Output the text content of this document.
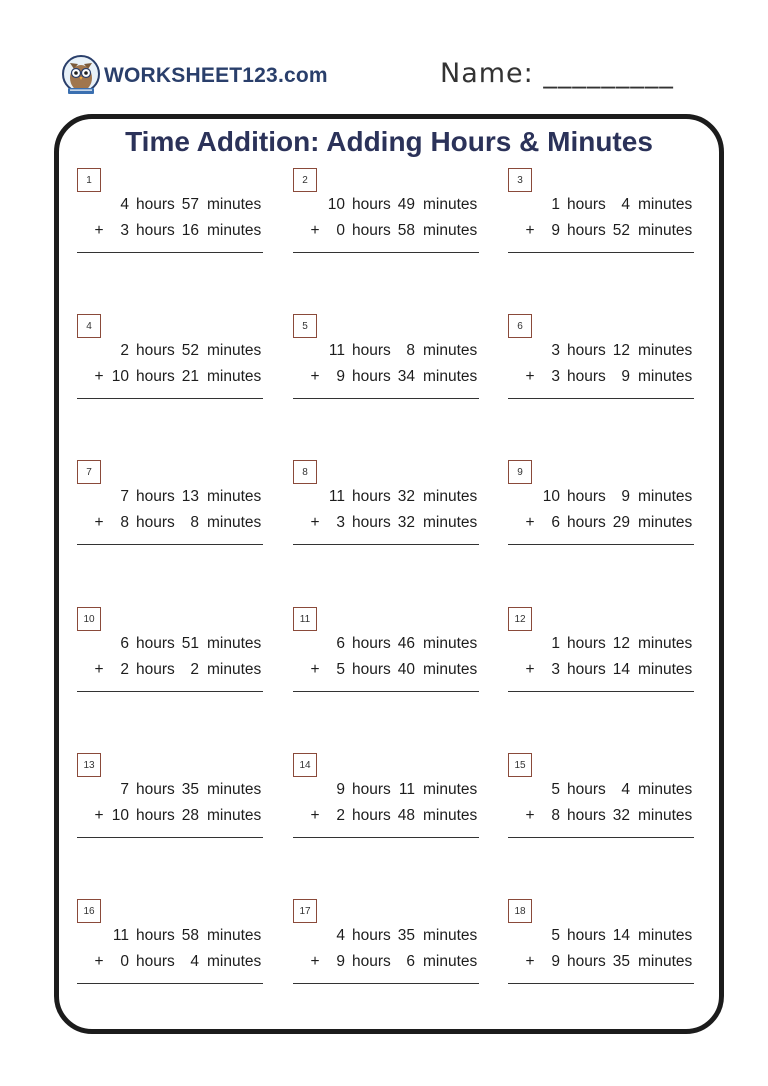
WORKSHEET123.com	Name: _________
Time Addition: Adding Hours & Minutes
1
4 hours 57 minutes
+	3 hours 16 minutes
2
10 hours 49 minutes
+	0 hours 58 minutes
3
1 hours	4 minutes
+	9 hours 52 minutes
4
2 hours 52 minutes
+ 10 hours 21 minutes
5
11 hours	8 minutes
+	9 hours 34 minutes
6
3 hours 12 minutes
+	3 hours	9 minutes
7
7 hours 13 minutes
+	8 hours	8 minutes
8
11 hours 32 minutes
+	3 hours 32 minutes
9
10 hours	9 minutes
+	6 hours 29 minutes
10
6 hours 51 minutes
+	2 hours	2 minutes
11
6 hours 46 minutes
+	5 hours 40 minutes
12
1 hours 12 minutes
+	3 hours 14 minutes
13
7 hours 35 minutes
+ 10 hours 28 minutes
14
9 hours 11 minutes
+	2 hours 48 minutes
15
5 hours	4 minutes
+	8 hours 32 minutes
16
11 hours 58 minutes
+	0 hours	4 minutes
17
4 hours 35 minutes
+	9 hours	6 minutes
18
5 hours 14 minutes
+	9 hours 35 minutes
